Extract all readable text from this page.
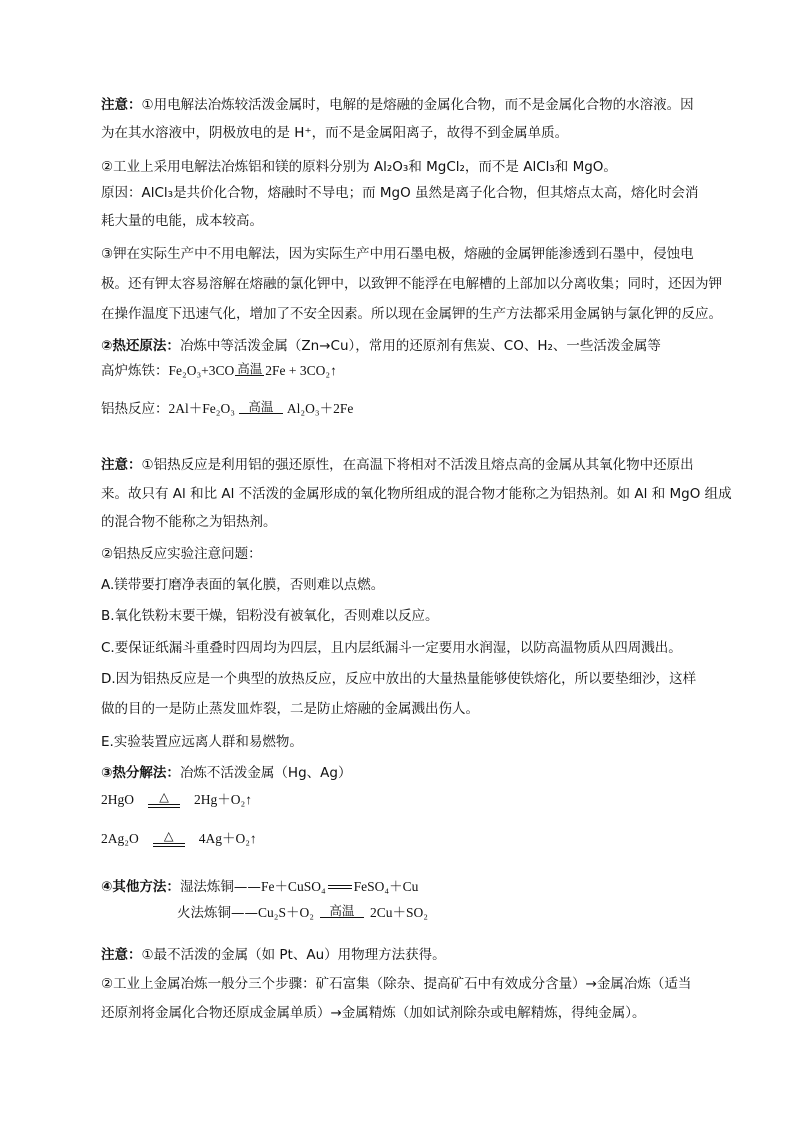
注意：①用电解法冶炼较活泼金属时，电解的是熔融的金属化合物，而不是金属化合物的水溶液。因
为在其水溶液中，阴极放电的是 H⁺，而不是金属阳离子，故得不到金属单质。
②工业上采用电解法冶炼铝和镁的原料分别为 Al₂O₃和 MgCl₂，而不是 AlCl₃和 MgO。
原因：AlCl₃是共价化合物，熔融时不导电；而 MgO 虽然是离子化合物，但其熔点太高，熔化时会消
耗大量的电能，成本较高。
③钾在实际生产中不用电解法，因为实际生产中用石墨电极，熔融的金属钾能渗透到石墨中，侵蚀电
极。还有钾太容易溶解在熔融的氯化钾中，以致钾不能浮在电解槽的上部加以分离收集；同时，还因为钾
在操作温度下迅速气化，增加了不安全因素。所以现在金属钾的生产方法都采用金属钠与氯化钾的反应。
②热还原法：冶炼中等活泼金属（Zn→Cu），常用的还原剂有焦炭、CO、H₂、一些活泼金属等
高炉炼铁：Fe₂O₃+3CO 高温 2Fe + 3CO₂↑
铝热反应：2Al＋Fe₂O₃	高温	Al₂O₃＋2Fe
注意：①铝热反应是利用铝的强还原性，在高温下将相对不活泼且熔点高的金属从其氧化物中还原出
来。故只有 Al 和比 Al 不活泼的金属形成的氧化物所组成的混合物才能称之为铝热剂。如 Al 和 MgO 组成
的混合物不能称之为铝热剂。
②铝热反应实验注意问题：
A.镁带要打磨净表面的氧化膜，否则难以点燃。
B.氧化铁粉末要干燥，铝粉没有被氧化，否则难以反应。
C.要保证纸漏斗重叠时四周均为四层，且内层纸漏斗一定要用水润湿，以防高温物质从四周溅出。
D.因为铝热反应是一个典型的放热反应，反应中放出的大量热量能够使铁熔化，所以要垫细沙，这样
做的目的一是防止蒸发皿炸裂，二是防止熔融的金属溅出伤人。
E.实验装置应远离人群和易燃物。
③热分解法：冶炼不活泼金属（Hg、Ag）
2HgO	△	2Hg＋O₂↑
2Ag₂O	△	4Ag＋O₂↑
④其他方法：湿法炼铜——Fe＋CuSO₄ FeSO₄＋Cu
火法炼铜——Cu₂S＋O₂	高温	2Cu＋SO₂
注意：①最不活泼的金属（如 Pt、Au）用物理方法获得。
②工业上金属冶炼一般分三个步骤：矿石富集（除杂、提高矿石中有效成分含量）→金属冶炼（适当
还原剂将金属化合物还原成金属单质）→金属精炼（加如试剂除杂或电解精炼，得纯金属）。
